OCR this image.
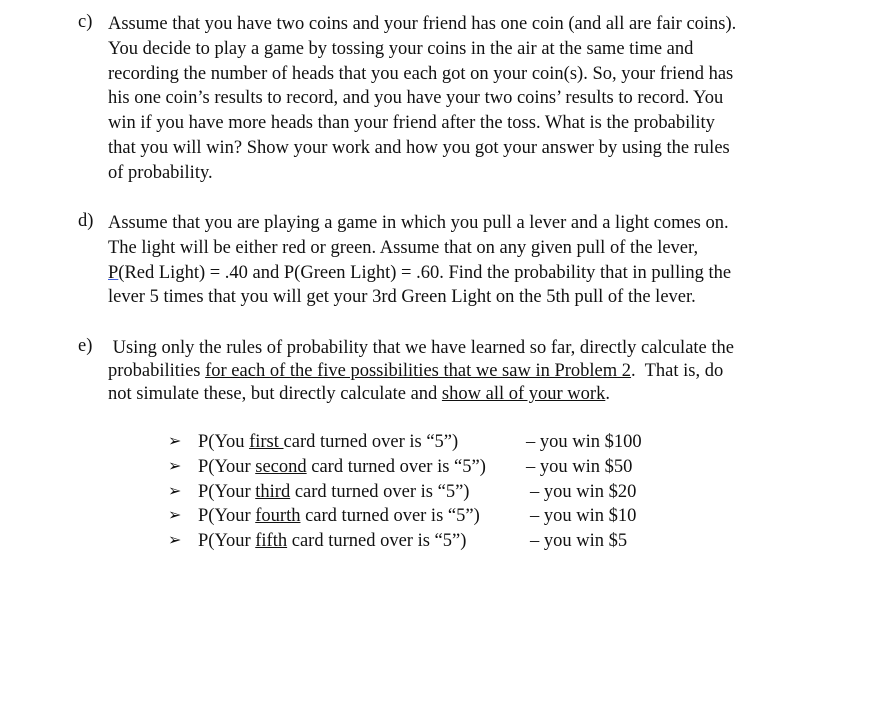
c) Assume that you have two coins and your friend has one coin (and all are fair coins).
You decide to play a game by tossing your coins in the air at the same time and
recording the number of heads that you each got on your coin(s). So, your friend has
his one coin’s results to record, and you have your two coins’ results to record. You
win if you have more heads than your friend after the toss. What is the probability
that you will win? Show your work and how you got your answer by using the rules
of probability.
d) Assume that you are playing a game in which you pull a lever and a light comes on.
The light will be either red or green. Assume that on any given pull of the lever,
P(Red Light) = .40 and P(Green Light) = .60. Find the probability that in pulling the
lever 5 times that you will get your 3rd Green Light on the 5th pull of the lever.
e) Using only the rules of probability that we have learned so far, directly calculate the
probabilities for each of the five possibilities that we saw in Problem 2.  That is, do
not simulate these, but directly calculate and show all of your work.
➢ P(You first card turned over is “5”)	– you win $100
➢ P(Your second card turned over is “5”) – you win $50
➢ P(Your third card turned over is “5”)	– you win $20
➢ P(Your fourth card turned over is “5”)	– you win $10
➢ P(Your fifth card turned over is “5”)	– you win $5
